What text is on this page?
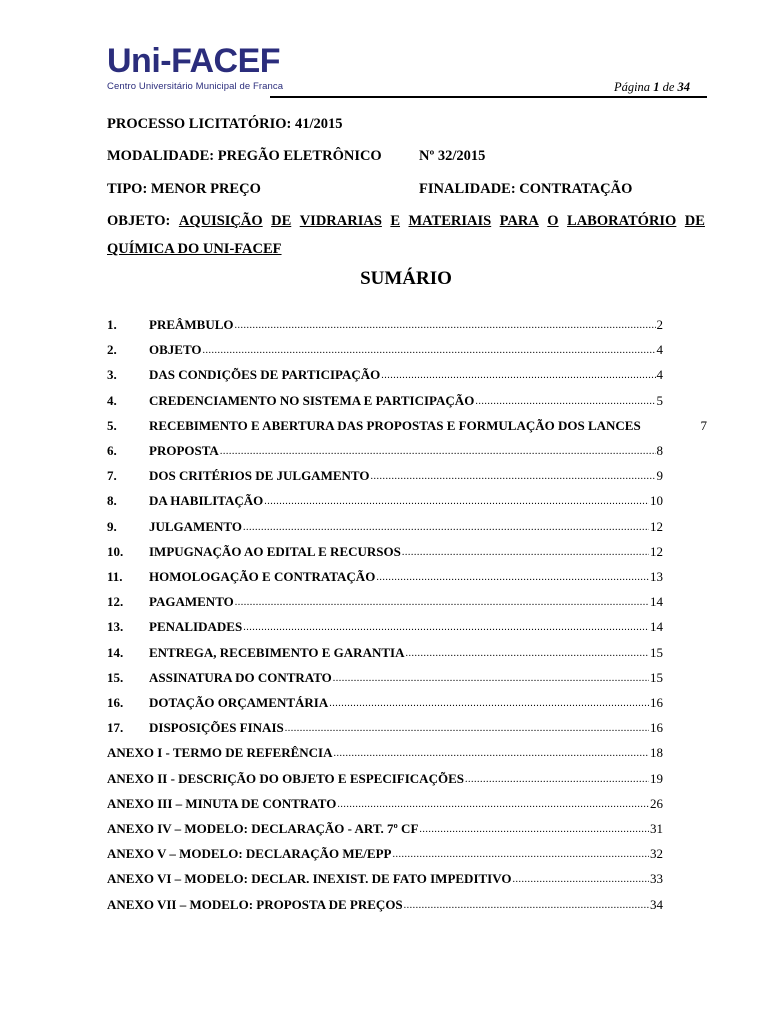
Uni-FACEF
Centro Universitário Municipal de Franca	Página 1 de 34
PROCESSO LICITATÓRIO: 41/2015
MODALIDADE: PREGÃO ELETRÔNICO	Nº 32/2015
TIPO: MENOR PREÇO	FINALIDADE: CONTRATAÇÃO
OBJETO: AQUISIÇÃO DE VIDRARIAS E MATERIAIS PARA O LABORATÓRIO DE
QUÍMICA DO UNI-FACEF
SUMÁRIO
1.	PREÂMBULO .....	2
2.	OBJETO .....	4
3.	DAS CONDIÇÕES DE PARTICIPAÇÃO .....	4
4.	CREDENCIAMENTO NO SISTEMA E PARTICIPAÇÃO .....	5
5.	RECEBIMENTO E ABERTURA DAS PROPOSTAS E FORMULAÇÃO DOS LANCES	7
6.	PROPOSTA .....	8
7.	DOS CRITÉRIOS DE JULGAMENTO .....	9
8.	DA HABILITAÇÃO .....	10
9.	JULGAMENTO .....	12
10.	IMPUGNAÇÃO AO EDITAL E RECURSOS .....	12
11.	HOMOLOGAÇÃO E CONTRATAÇÃO .....	13
12.	PAGAMENTO .....	14
13.	PENALIDADES .....	14
14.	ENTREGA, RECEBIMENTO E GARANTIA .....	15
15.	ASSINATURA DO CONTRATO .....	15
16.	DOTAÇÃO ORÇAMENTÁRIA .....	16
17.	DISPOSIÇÕES FINAIS .....	16
ANEXO I - TERMO DE REFERÊNCIA .....	18
ANEXO II - DESCRIÇÃO DO OBJETO E ESPECIFICAÇÕES .....	19
ANEXO III – MINUTA DE CONTRATO .....	26
ANEXO IV – MODELO: DECLARAÇÃO - ART. 7º CF .....	31
ANEXO V – MODELO: DECLARAÇÃO ME/EPP .....	32
ANEXO VI – MODELO: DECLAR. INEXIST. DE FATO IMPEDITIVO .....	33
ANEXO VII – MODELO: PROPOSTA DE PREÇOS .....	34
